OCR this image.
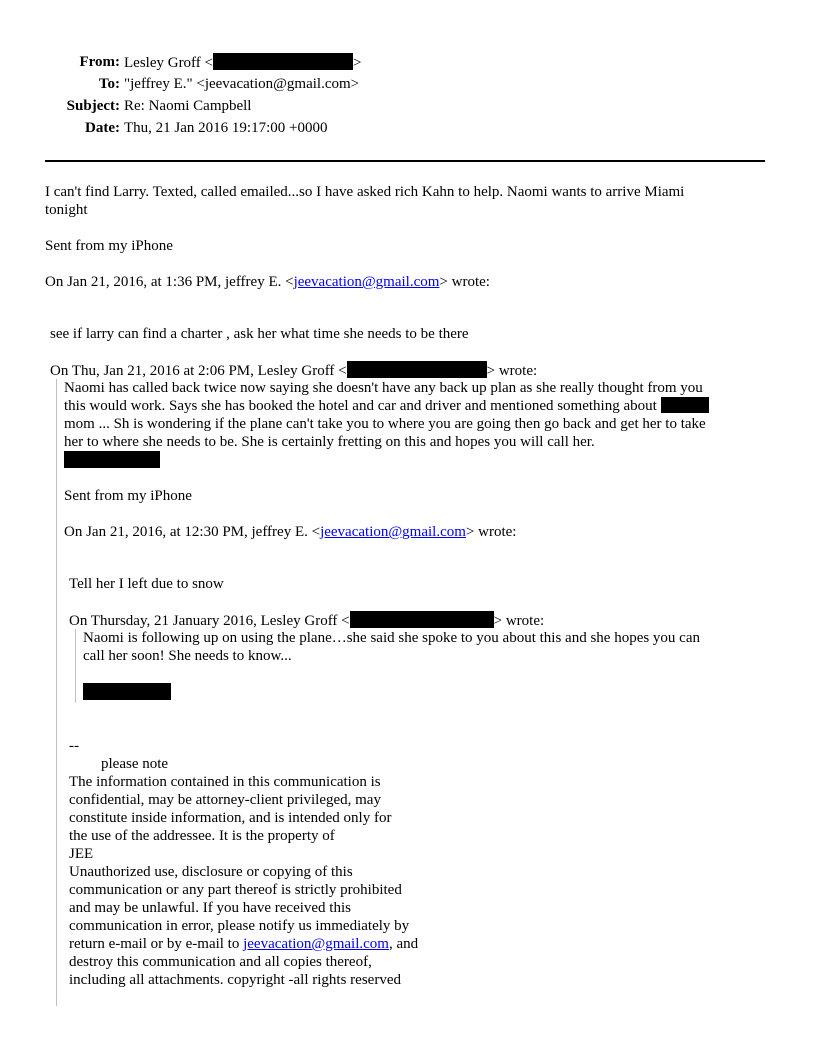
From: Lesley Groff <	>
To: "jeffrey E." <jeevacation@gmail.com>
Subject: Re: Naomi Campbell
Date: Thu, 21 Jan 2016 19:17:00 +0000
I can't find Larry. Texted, called emailed...so I have asked rich Kahn to help. Naomi wants to arrive Miami
tonight
Sent from my iPhone
On Jan 21, 2016, at 1:36 PM, jeffrey E. <jeevacation@gmail.com> wrote:
see if larry can find a charter , ask her what time she needs to be there
On Thu, Jan 21, 2016 at 2:06 PM, Lesley Groff <	> wrote:
Naomi has called back twice now saying she doesn't have any back up plan as she really thought from you
this would work. Says she has booked the hotel and car and driver and mentioned something about
mom ... Sh is wondering if the plane can't take you to where you are going then go back and get her to take
her to where she needs to be. She is certainly fretting on this and hopes you will call her.
Sent from my iPhone
On Jan 21, 2016, at 12:30 PM, jeffrey E. <jeevacation@gmail.com> wrote:
Tell her I left due to snow
On Thursday, 21 January 2016, Lesley Groff <	> wrote:
Naomi is following up on using the plane…she said she spoke to you about this and she hopes you can
call her soon! She needs to know...
--
please note
The information contained in this communication is
confidential, may be attorney-client privileged, may
constitute inside information, and is intended only for
the use of the addressee. It is the property of
JEE
Unauthorized use, disclosure or copying of this
communication or any part thereof is strictly prohibited
and may be unlawful. If you have received this
communication in error, please notify us immediately by
return e-mail or by e-mail to jeevacation@gmail.com, and
destroy this communication and all copies thereof,
including all attachments. copyright -all rights reserved
